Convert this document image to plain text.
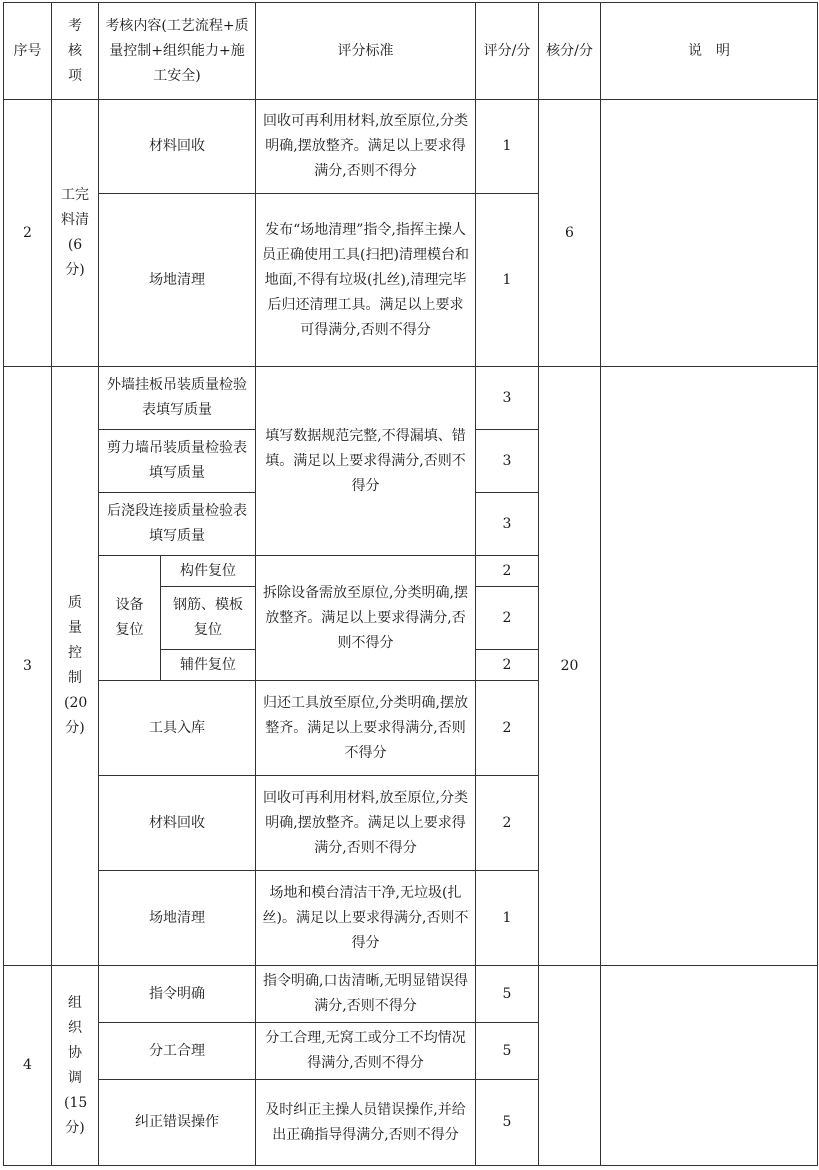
序号	考核项	考核内容(工艺流程+质量控制+组织能力+施工安全)		评分标准	评分/分	核分/分	说　明
2	工完料清(6分)	材料回收		回收可再利用材料,放至原位,分类明确,摆放整齐。满足以上要求得满分,否则不得分	1	6	
		场地清理		发布“场地清理”指令,指挥主操人员正确使用工具(扫把)清理模台和地面,不得有垃圾(扎丝),清理完毕后归还清理工具。满足以上要求可得满分,否则不得分	1		
3	质量控制(20分)	外墙挂板吊装质量检验表填写质量		填写数据规范完整,不得漏填、错填。满足以上要求得满分,否则不得分	3	20	
		剪力墙吊装质量检验表填写质量			3		
		后浇段连接质量检验表填写质量			3		
		设备复位	构件复位	拆除设备需放至原位,分类明确,摆放整齐。满足以上要求得满分,否则不得分	2		
			钢筋、模板复位		2		
			辅件复位		2		
		工具入库		归还工具放至原位,分类明确,摆放整齐。满足以上要求得满分,否则不得分	2		
		材料回收		回收可再利用材料,放至原位,分类明确,摆放整齐。满足以上要求得满分,否则不得分	2		
		场地清理		场地和模台清洁干净,无垃圾(扎丝)。满足以上要求得满分,否则不得分	1		
4	组织协调(15分)	指令明确		指令明确,口齿清晰,无明显错误得满分,否则不得分	5		
		分工合理		分工合理,无窝工或分工不均情况得满分,否则不得分	5		
		纠正错误操作		及时纠正主操人员错误操作,并给出正确指导得满分,否则不得分	5		
